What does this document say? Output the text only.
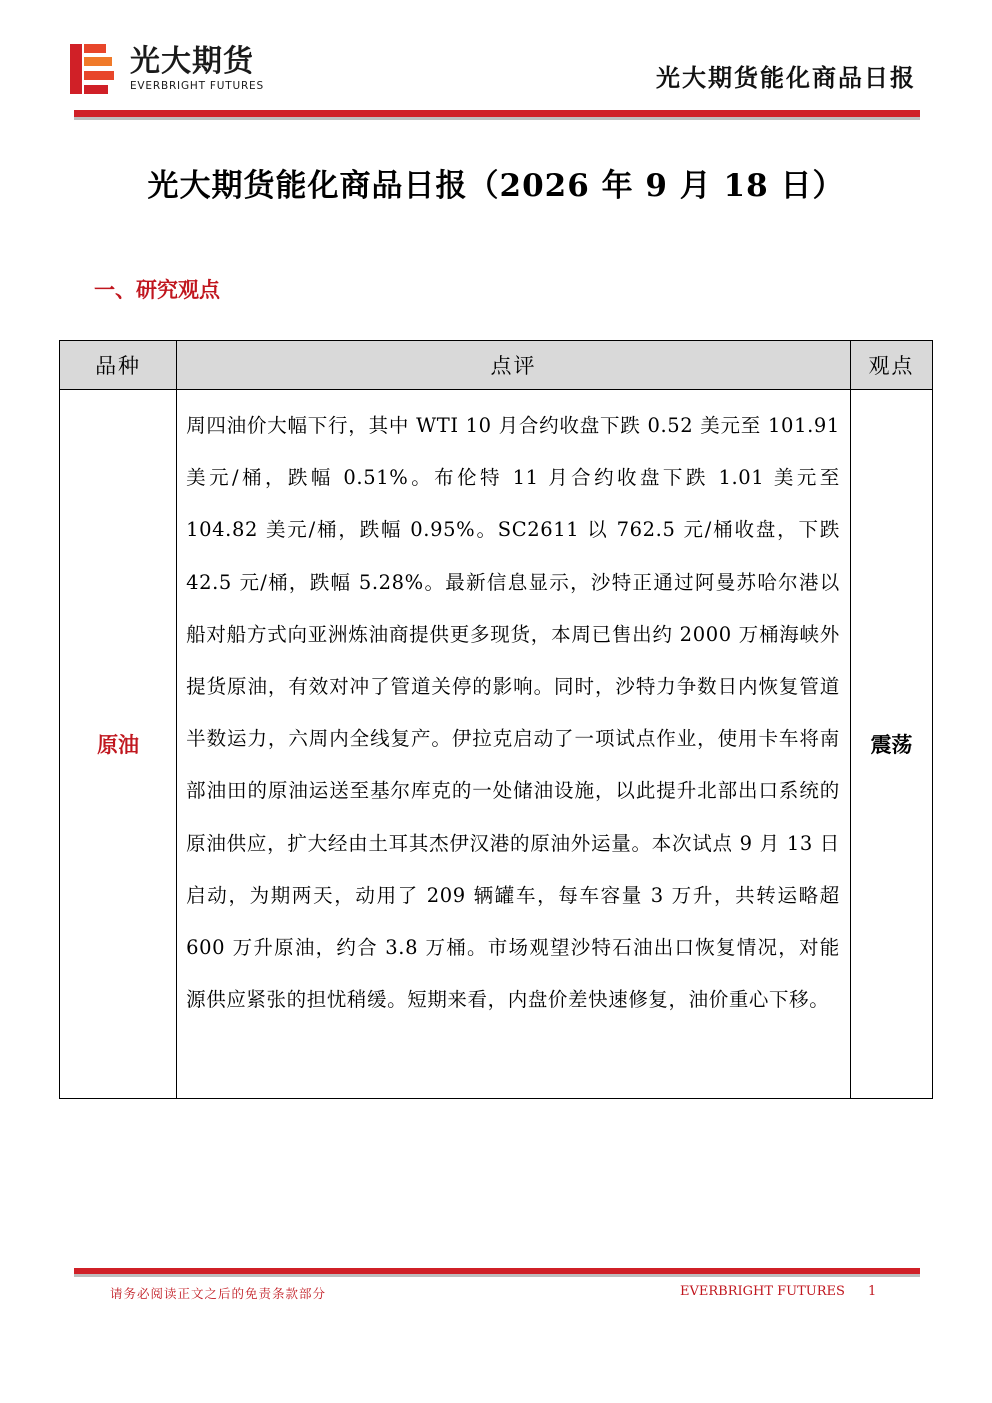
光大期货
EVERBRIGHT FUTURES	光大期货能化商品日报
光大期货能化商品日报（2026 年 9 月 18 日）
一、研究观点
品种	点评	观点
原油	周四油价大幅下行，其中 WTI 10 月合约收盘下跌 0.52 美元至 101.91 美元/桶，跌幅 0.51%。布伦特 11 月合约收盘下跌 1.01 美元至 104.82 美元/桶，跌幅 0.95%。SC2611 以 762.5 元/桶收盘，下跌 42.5 元/桶，跌幅 5.28%。最新信息显示，沙特正通过阿曼苏哈尔港以船对船方式向亚洲炼油商提供更多现货，本周已售出约 2000 万桶海峡外提货原油，有效对冲了管道关停的影响。同时，沙特力争数日内恢复管道半数运力，六周内全线复产。伊拉克启动了一项试点作业，使用卡车将南部油田的原油运送至基尔库克的一处储油设施，以此提升北部出口系统的原油供应，扩大经由土耳其杰伊汉港的原油外运量。本次试点 9 月 13 日启动，为期两天，动用了 209 辆罐车，每车容量 3 万升，共转运略超 600 万升原油，约合 3.8 万桶。市场观望沙特石油出口恢复情况，对能源供应紧张的担忧稍缓。短期来看，内盘价差快速修复，油价重心下移。	震荡
请务必阅读正文之后的免责条款部分	EVERBRIGHT FUTURES 1
